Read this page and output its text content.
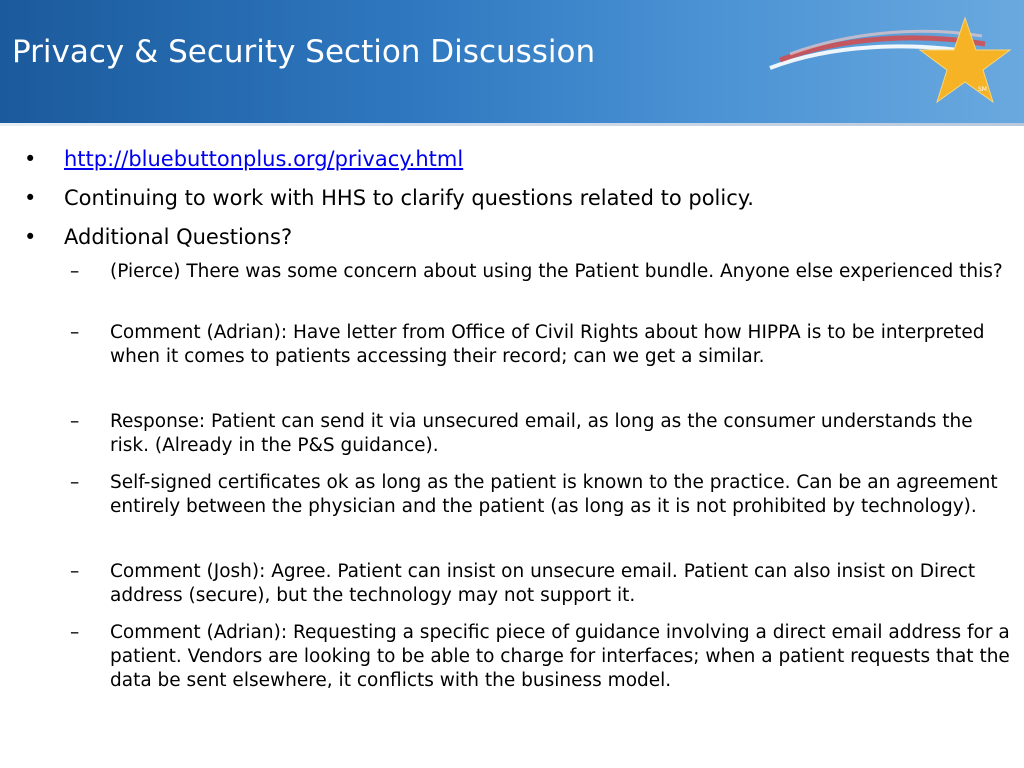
Privacy & Security Section Discussion
SM
•	http://bluebuttonplus.org/privacy.html
•	Continuing to work with HHS to clarify questions related to policy.
•	Additional Questions?
–	(Pierce) There was some concern about using the Patient bundle. Anyone else experienced this?
–	Comment (Adrian): Have letter from Office of Civil Rights about how HIPPA is to be interpreted when it comes to patients accessing their record; can we get a similar.
–	Response: Patient can send it via unsecured email, as long as the consumer understands the risk. (Already in the P&S guidance).
–	Self-signed certificates ok as long as the patient is known to the practice. Can be an agreement entirely between the physician and the patient (as long as it is not prohibited by technology).
–	Comment (Josh): Agree. Patient can insist on unsecure email. Patient can also insist on Direct address (secure), but the technology may not support it.
–	Comment (Adrian): Requesting a specific piece of guidance involving a direct email address for a patient. Vendors are looking to be able to charge for interfaces; when a patient requests that the data be sent elsewhere, it conflicts with the business model.
